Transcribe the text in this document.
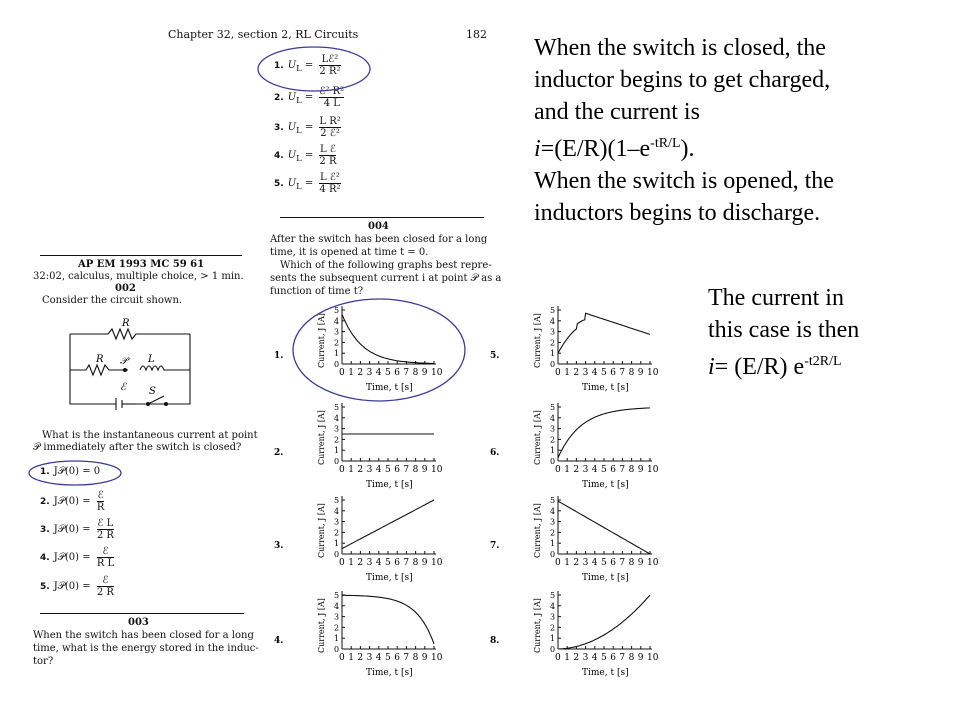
Chapter 32, section 2, RL Circuits	182
1. $U_L$ =
Lℰ²
2 R²
2. $U_L$ =
ℰ² R²
4 L
3. $U_L$ =
L R²
2 ℰ²
4. $U_L$ =
L ℰ
2 R
5. $U_L$ =
L ℰ²
4 R²
004
After the switch has been closed for a long
time, it is opened at time t = 0.
Which of the following graphs best repre-
sents the subsequent current i at point 𝒫 as a
function of time t?
AP EM 1993 MC 59 61
32:02, calculus, multiple choice, > 1 min.
002
Consider the circuit shown.
R
R 𝒫 L
ℰ S
What is the instantaneous current at point
𝒫 immediately after the switch is closed?
1. J𝒫(0) = 0
2. J𝒫(0) =
ℰ
R
3. J𝒫(0) =
ℰ L
2 R
4. J𝒫(0) =
ℰ
R L
5. J𝒫(0) =
ℰ
2 R
003
When the switch has been closed for a long
time, what is the energy stored in the induc-
tor?
1.
0 1 2 3 4 5 6 7 8 9 10
0
1
2
3
4
5
Current, J [A]
Time, t [s]
2.
0 1 2 3 4 5 6 7 8 9 10
0
1
2
3
4
5
Current, J [A]
Time, t [s]
3.
0 1 2 3 4 5 6 7 8 9 10
0
1
2
3
4
5
Current, J [A]
Time, t [s]
4.
0 1 2 3 4 5 6 7 8 9 10
0
1
2
3
4
5
Current, J [A]
Time, t [s]
5.
0 1 2 3 4 5 6 7 8 9 10
0
1
2
3
4
5
Current, J [A]
Time, t [s]
6.
0 1 2 3 4 5 6 7 8 9 10
0
1
2
3
4
5
Current, J [A]
Time, t [s]
7.
0 1 2 3 4 5 6 7 8 9 10
0
1
2
3
4
5
Current, J [A]
Time, t [s]
8.
0 1 2 3 4 5 6 7 8 9 10
0
1
2
3
4
5
Current, J [A]
Time, t [s]
When the switch is closed, the
inductor begins to get charged,
and the current is
$i=(E/R)(1-e^{-tR/L})$.
When the switch is opened, the
inductors begins to discharge.
The current in
this case is then
i= (E/R) $e^{-t2R/L}$
